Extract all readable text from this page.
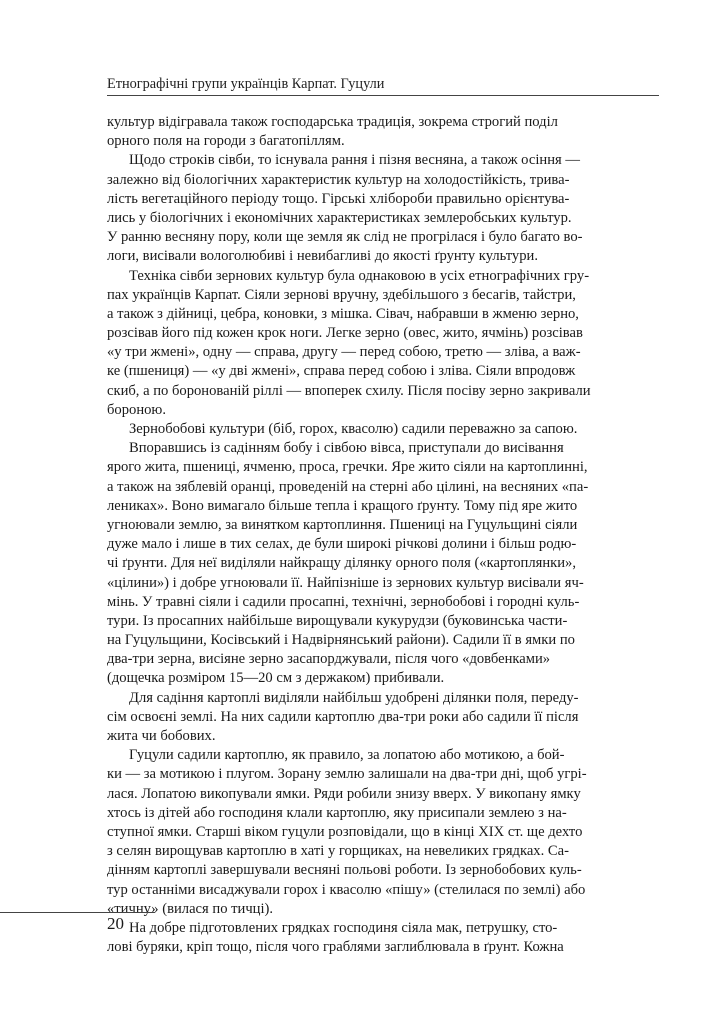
Етнографічні групи українців Карпат. Гуцули
культур відігравала також господарська традиція, зокрема строгий поділ
орного поля на городи з багатопіллям.
Щодо строків сівби, то існувала рання і пізня весняна, а також осіння —
залежно від біологічних характеристик культур на холодостійкість, трива-
лість вегетаційного періоду тощо. Гірські хлібороби правильно орієнтува-
лись у біологічних і економічних характеристиках землеробських культур.
У ранню весняну пору, коли ще земля як слід не прогрілася і було багато во-
логи, висівали вологолюбиві і невибагливі до якості ґрунту культури.
Техніка сівби зернових культур була однаковою в усіх етнографічних гру-
пах українців Карпат. Сіяли зернові вручну, здебільшого з бесагів, тайстри,
а також з дійниці, цебра, коновки, з мішка. Сівач, набравши в жменю зерно,
розсівав його під кожен крок ноги. Легке зерно (овес, жито, ячмінь) розсівав
«у три жмені», одну — справа, другу — перед собою, третю — зліва, а важ-
ке (пшениця) — «у дві жмені», справа перед собою і зліва. Сіяли впродовж
скиб, а по боронованій ріллі — впоперек схилу. Після посіву зерно закривали
бороною.
Зернобобові культури (біб, горох, квасолю) садили переважно за сапою.
Впоравшись із садінням бобу і сівбою вівса, приступали до висівання
ярого жита, пшениці, ячменю, проса, гречки. Яре жито сіяли на картоплинні,
а також на зяблевій оранці, проведеній на стерні або цілині, на весняних «па-
лениках». Воно вимагало більше тепла і кращого ґрунту. Тому під яре жито
угноювали землю, за винятком картоплиння. Пшениці на Гуцульщині сіяли
дуже мало і лише в тих селах, де були широкі річкові долини і більш родю-
чі ґрунти. Для неї виділяли найкращу ділянку орного поля («картоплянки»,
«цілини») і добре угноювали її. Найпізніше із зернових культур висівали яч-
мінь. У травні сіяли і садили просапні, технічні, зернобобові і городні куль-
тури. Із просапних найбільше вирощували кукурудзи (буковинська части-
на Гуцульщини, Косівський і Надвірнянський райони). Садили її в ямки по
два-три зерна, висіяне зерно засапорджували, після чого «довбенками»
(дощечка розміром 15—20 см з держаком) прибивали.
Для садіння картоплі виділяли найбільш удобрені ділянки поля, переду-
сім освоєні землі. На них садили картоплю два-три роки або садили її після
жита чи бобових.
Гуцули садили картоплю, як правило, за лопатою або мотикою, а бой-
ки — за мотикою і плугом. Зорану землю залишали на два-три дні, щоб угрі-
лася. Лопатою викопували ямки. Ряди робили знизу вверх. У викопану ямку
хтось із дітей або господиня клали картоплю, яку присипали землею з на-
ступної ямки. Старші віком гуцули розповідали, що в кінці XIX ст. ще дехто
з селян вирощував картоплю в хаті у горщиках, на невеликих грядках. Са-
дінням картоплі завершували весняні польові роботи. Із зернобобових куль-
тур останніми висаджували горох і квасолю «пішу» (стелилася по землі) або
«тичну» (вилася по тичці).
На добре підготовлених грядках господиня сіяла мак, петрушку, сто-
лові буряки, кріп тощо, після чого граблями заглиблювала в ґрунт. Кожна
20
